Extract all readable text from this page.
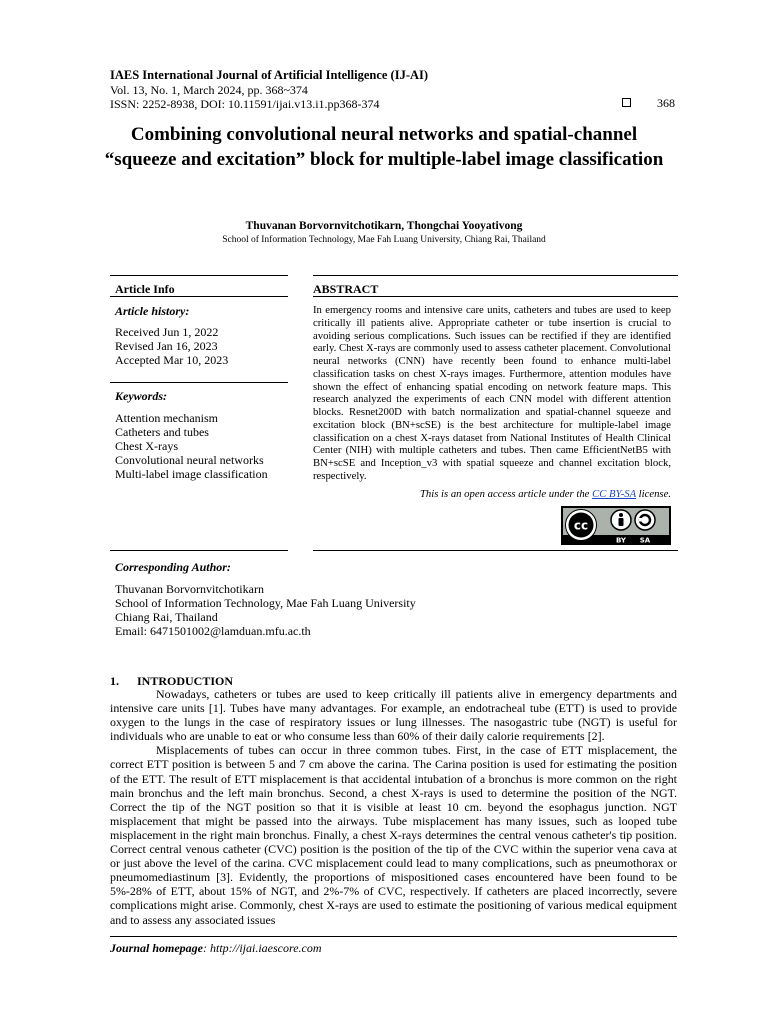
IAES International Journal of Artificial Intelligence (IJ-AI)
Vol. 13, No. 1, March 2024, pp. 368~374
ISSN: 2252-8938, DOI: 10.11591/ijai.v13.i1.pp368-374	368
Combining convolutional neural networks and spatial-channel “squeeze and excitation” block for multiple-label image classification
Thuvanan Borvornvitchotikarn, Thongchai Yooyativong
School of Information Technology, Mae Fah Luang University, Chiang Rai, Thailand
Article Info
Article history:
Received Jun 1, 2022
Revised Jan 16, 2023
Accepted Mar 10, 2023
Keywords:
Attention mechanism
Catheters and tubes
Chest X-rays
Convolutional neural networks
Multi-label image classification
ABSTRACT

In emergency rooms and intensive care units, catheters and tubes are used to keep critically ill patients alive. Appropriate catheter or tube insertion is crucial to avoiding serious complications. Such issues can be rectified if they are identified early. Chest X-rays are commonly used to assess catheter placement. Convolutional neural networks (CNN) have recently been found to enhance multi-label classification tasks on chest X-rays images. Furthermore, attention modules have shown the effect of enhancing spatial encoding on network feature maps. This research analyzed the experiments of each CNN model with different attention blocks. Resnet200D with batch normalization and spatial-channel squeeze and excitation block (BN+scSE) is the best architecture for multiple-label image classification on a chest X-rays dataset from National Institutes of Health Clinical Center (NIH) with multiple catheters and tubes. Then came EfficientNetB5 with BN+scSE and Inception_v3 with spatial squeeze and channel excitation block, respectively.

This is an open access article under the CC BY-SA license.
cc
BY SA
Corresponding Author:
Thuvanan Borvornvitchotikarn
School of Information Technology, Mae Fah Luang University
Chiang Rai, Thailand
Email: 6471501002@lamduan.mfu.ac.th
1. INTRODUCTION

Nowadays, catheters or tubes are used to keep critically ill patients alive in emergency departments and intensive care units [1]. Tubes have many advantages. For example, an endotracheal tube (ETT) is used to provide oxygen to the lungs in the case of respiratory issues or lung illnesses. The nasogastric tube (NGT) is useful for individuals who are unable to eat or who consume less than 60% of their daily calorie requirements [2].

Misplacements of tubes can occur in three common tubes. First, in the case of ETT misplacement, the correct ETT position is between 5 and 7 cm above the carina. The Carina position is used for estimating the position of the ETT. The result of ETT misplacement is that accidental intubation of a bronchus is more common on the right main bronchus and the left main bronchus. Second, a chest X-rays is used to determine the position of the NGT. Correct the tip of the NGT position so that it is visible at least 10 cm. beyond the esophagus junction. NGT misplacement that might be passed into the airways. Tube misplacement has many issues, such as looped tube misplacement in the right main bronchus. Finally, a chest X-rays determines the central venous catheter's tip position. Correct central venous catheter (CVC) position is the position of the tip of the CVC within the superior vena cava at or just above the level of the carina. CVC misplacement could lead to many complications, such as pneumothorax or pneumomediastinum [3]. Evidently, the proportions of mispositioned cases encountered have been found to be 5%-28% of ETT, about 15% of NGT, and 2%-7% of CVC, respectively. If catheters are placed incorrectly, severe complications might arise. Commonly, chest X-rays are used to estimate the positioning of various medical equipment and to assess any associated issues

Journal homepage: http://ijai.iaescore.com
